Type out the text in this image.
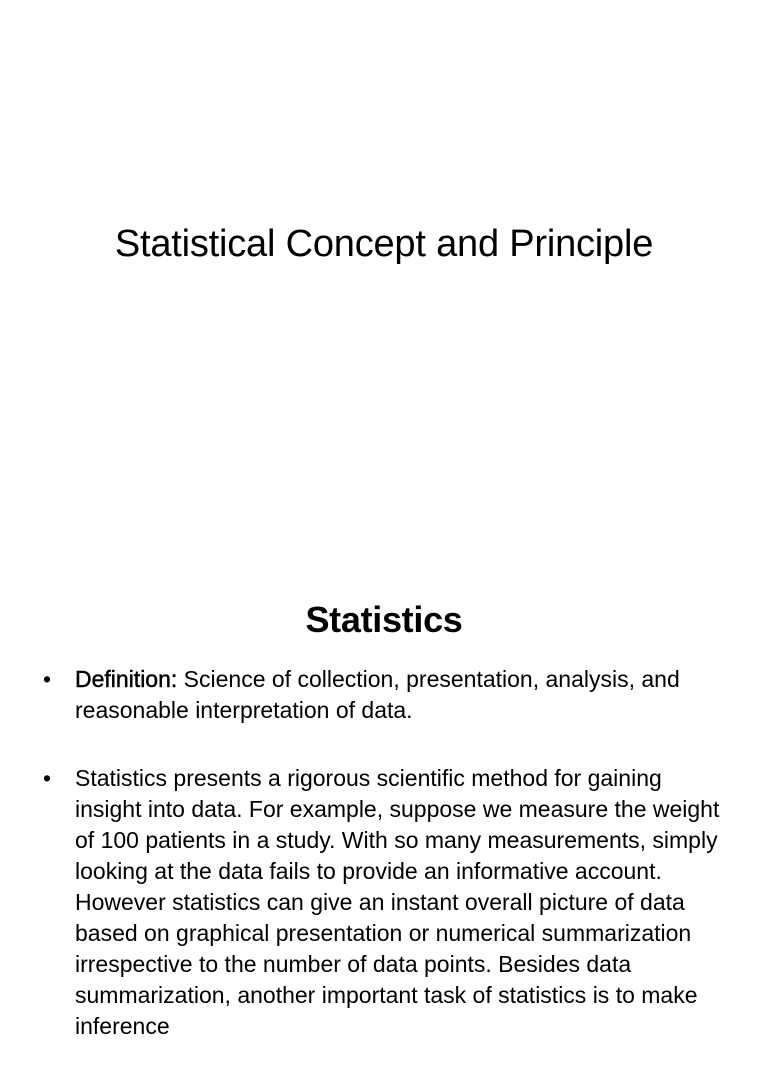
Statistical Concept and Principle
Statistics
• Definition: Science of collection, presentation, analysis, and reasonable interpretation of data.
• Statistics presents a rigorous scientific method for gaining insight into data. For example, suppose we measure the weight of 100 patients in a study. With so many measurements, simply looking at the data fails to provide an informative account. However statistics can give an instant overall picture of data based on graphical presentation or numerical summarization irrespective to the number of data points. Besides data summarization, another important task of statistics is to make inference
